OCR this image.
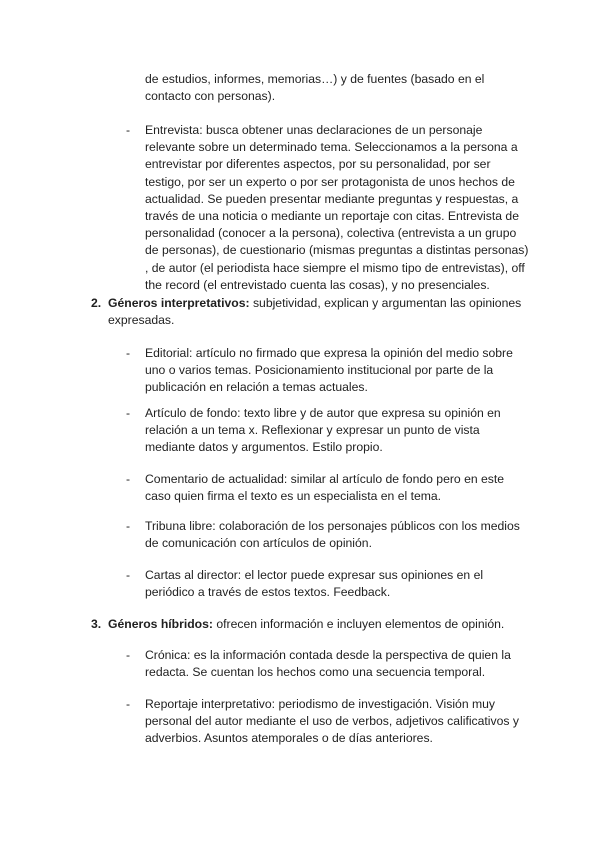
de estudios, informes, memorias…) y de fuentes (basado en el
contacto con personas).

- Entrevista: busca obtener unas declaraciones de un personaje
relevante sobre un determinado tema. Seleccionamos a la persona a
entrevistar por diferentes aspectos, por su personalidad, por ser
testigo, por ser un experto o por ser protagonista de unos hechos de
actualidad. Se pueden presentar mediante preguntas y respuestas, a
través de una noticia o mediante un reportaje con citas. Entrevista de
personalidad (conocer a la persona), colectiva (entrevista a un grupo
de personas), de cuestionario (mismas preguntas a distintas personas)
, de autor (el periodista hace siempre el mismo tipo de entrevistas), off
the record (el entrevistado cuenta las cosas), y no presenciales.

2. Géneros interpretativos: subjetividad, explican y argumentan las opiniones
expresadas.

- Editorial: artículo no firmado que expresa la opinión del medio sobre
uno o varios temas. Posicionamiento institucional por parte de la
publicación en relación a temas actuales.

- Artículo de fondo: texto libre y de autor que expresa su opinión en
relación a un tema x. Reflexionar y expresar un punto de vista
mediante datos y argumentos. Estilo propio.

- Comentario de actualidad: similar al artículo de fondo pero en este
caso quien firma el texto es un especialista en el tema.

- Tribuna libre: colaboración de los personajes públicos con los medios
de comunicación con artículos de opinión.

- Cartas al director: el lector puede expresar sus opiniones en el
periódico a través de estos textos. Feedback.

3. Géneros híbridos: ofrecen información e incluyen elementos de opinión.

- Crónica: es la información contada desde la perspectiva de quien la
redacta. Se cuentan los hechos como una secuencia temporal.

- Reportaje interpretativo: periodismo de investigación. Visión muy
personal del autor mediante el uso de verbos, adjetivos calificativos y
adverbios. Asuntos atemporales o de días anteriores.
